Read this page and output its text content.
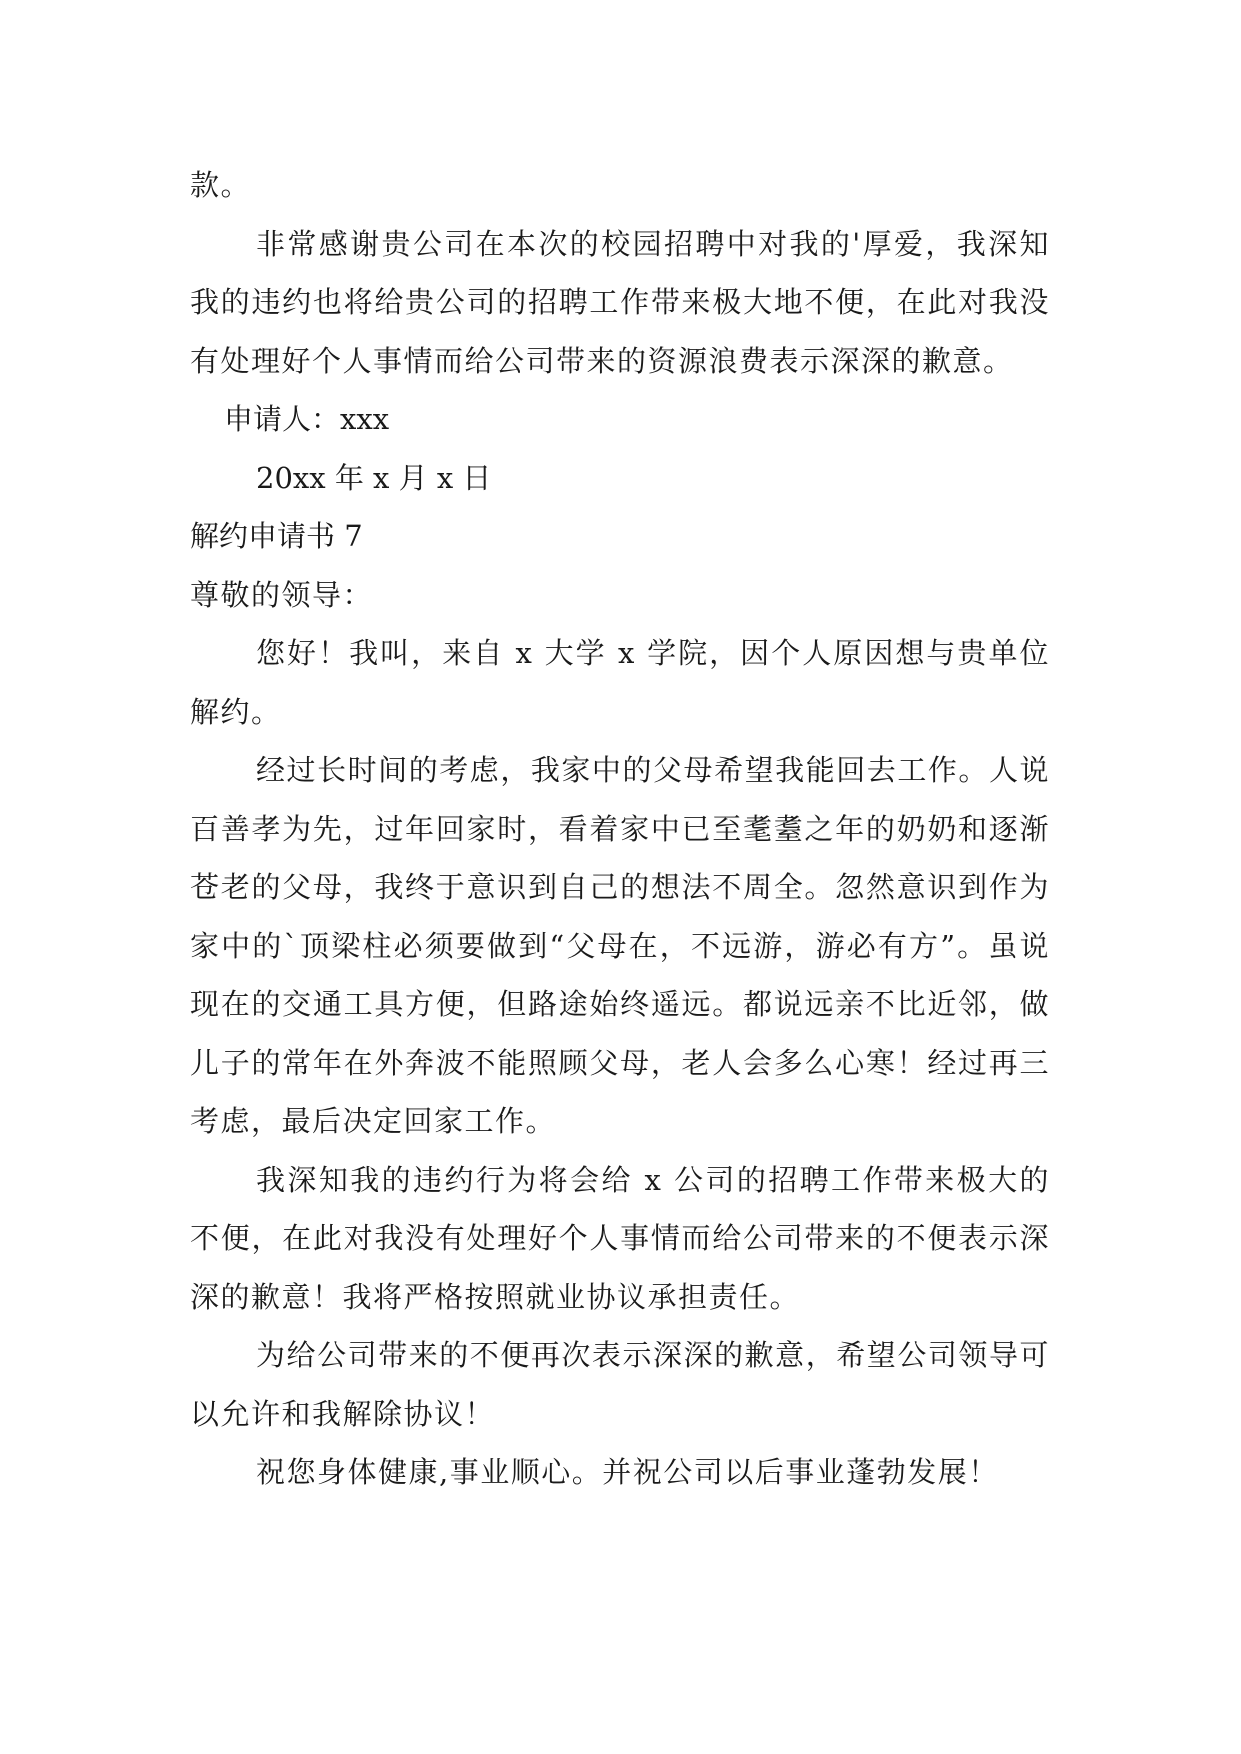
款。

非常感谢贵公司在本次的校园招聘中对我的'厚爱，我深知我的违约也将给贵公司的招聘工作带来极大地不便，在此对我没有处理好个人事情而给公司带来的资源浪费表示深深的歉意。

申请人：xxx

20xx 年 x 月 x 日

解约申请书 7

尊敬的领导：

您好！我叫，来自 x 大学 x 学院，因个人原因想与贵单位解约。

经过长时间的考虑，我家中的父母希望我能回去工作。人说百善孝为先，过年回家时，看着家中已至耄耋之年的奶奶和逐渐苍老的父母，我终于意识到自己的想法不周全。忽然意识到作为家中的`顶梁柱必须要做到“父母在，不远游，游必有方”。虽说现在的交通工具方便，但路途始终遥远。都说远亲不比近邻，做儿子的常年在外奔波不能照顾父母，老人会多么心寒！经过再三考虑，最后决定回家工作。

我深知我的违约行为将会给 x 公司的招聘工作带来极大的不便，在此对我没有处理好个人事情而给公司带来的不便表示深深的歉意！我将严格按照就业协议承担责任。

为给公司带来的不便再次表示深深的歉意，希望公司领导可以允许和我解除协议！

祝您身体健康,事业顺心。并祝公司以后事业蓬勃发展！
